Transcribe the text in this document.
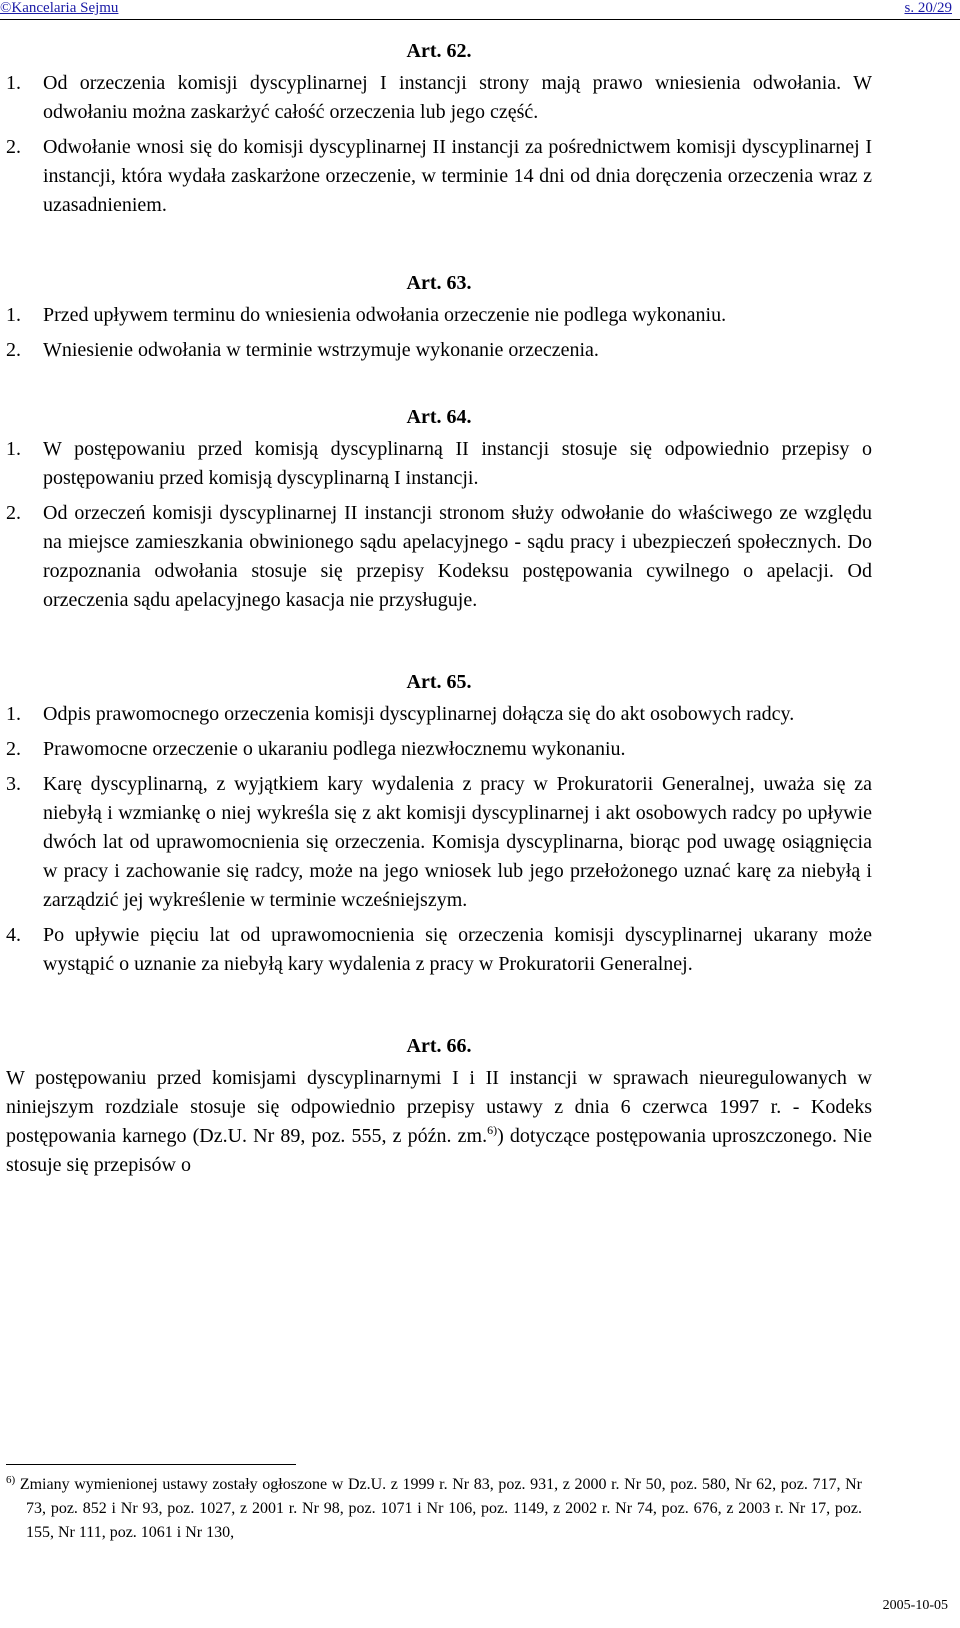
©Kancelaria Sejmu	s. 20/29
Art. 62.

1. Od orzeczenia komisji dyscyplinarnej I instancji strony mają prawo wniesienia odwołania. W odwołaniu można zaskarżyć całość orzeczenia lub jego część.

2. Odwołanie wnosi się do komisji dyscyplinarnej II instancji za pośrednictwem komisji dyscyplinarnej I instancji, która wydała zaskarżone orzeczenie, w terminie 14 dni od dnia doręczenia orzeczenia wraz z uzasadnieniem.

Art. 63.

1. Przed upływem terminu do wniesienia odwołania orzeczenie nie podlega wykonaniu.

2. Wniesienie odwołania w terminie wstrzymuje wykonanie orzeczenia.

Art. 64.

1. W postępowaniu przed komisją dyscyplinarną II instancji stosuje się odpowiednio przepisy o postępowaniu przed komisją dyscyplinarną I instancji.

2. Od orzeczeń komisji dyscyplinarnej II instancji stronom służy odwołanie do właściwego ze względu na miejsce zamieszkania obwinionego sądu apelacyjnego - sądu pracy i ubezpieczeń społecznych. Do rozpoznania odwołania stosuje się przepisy Kodeksu postępowania cywilnego o apelacji. Od orzeczenia sądu apelacyjnego kasacja nie przysługuje.

Art. 65.

1. Odpis prawomocnego orzeczenia komisji dyscyplinarnej dołącza się do akt osobowych radcy.

2. Prawomocne orzeczenie o ukaraniu podlega niezwłocznemu wykonaniu.

3. Karę dyscyplinarną, z wyjątkiem kary wydalenia z pracy w Prokuratorii Generalnej, uważa się za niebyłą i wzmiankę o niej wykreśla się z akt komisji dyscyplinarnej i akt osobowych radcy po upływie dwóch lat od uprawomocnienia się orzeczenia. Komisja dyscyplinarna, biorąc pod uwagę osiągnięcia w pracy i zachowanie się radcy, może na jego wniosek lub jego przełożonego uznać karę za niebyłą i zarządzić jej wykreślenie w terminie wcześniejszym.

4. Po upływie pięciu lat od uprawomocnienia się orzeczenia komisji dyscyplinarnej ukarany może wystąpić o uznanie za niebyłą kary wydalenia z pracy w Prokuratorii Generalnej.

Art. 66.

W postępowaniu przed komisjami dyscyplinarnymi I i II instancji w sprawach nieuregulowanych w niniejszym rozdziale stosuje się odpowiednio przepisy ustawy z dnia 6 czerwca 1997 r. - Kodeks postępowania karnego (Dz.U. Nr 89, poz. 555, z późn. zm.$^{6)}$) dotyczące postępowania uproszczonego. Nie stosuje się przepisów o

$^{6)}$ Zmiany wymienionej ustawy zostały ogłoszone w Dz.U. z 1999 r. Nr 83, poz. 931, z 2000 r. Nr 50, poz. 580, Nr 62, poz. 717, Nr 73, poz. 852 i Nr 93, poz. 1027, z 2001 r. Nr 98, poz. 1071 i Nr 106, poz. 1149, z 2002 r. Nr 74, poz. 676, z 2003 r. Nr 17, poz. 155, Nr 111, poz. 1061 i Nr 130,
2005-10-05
